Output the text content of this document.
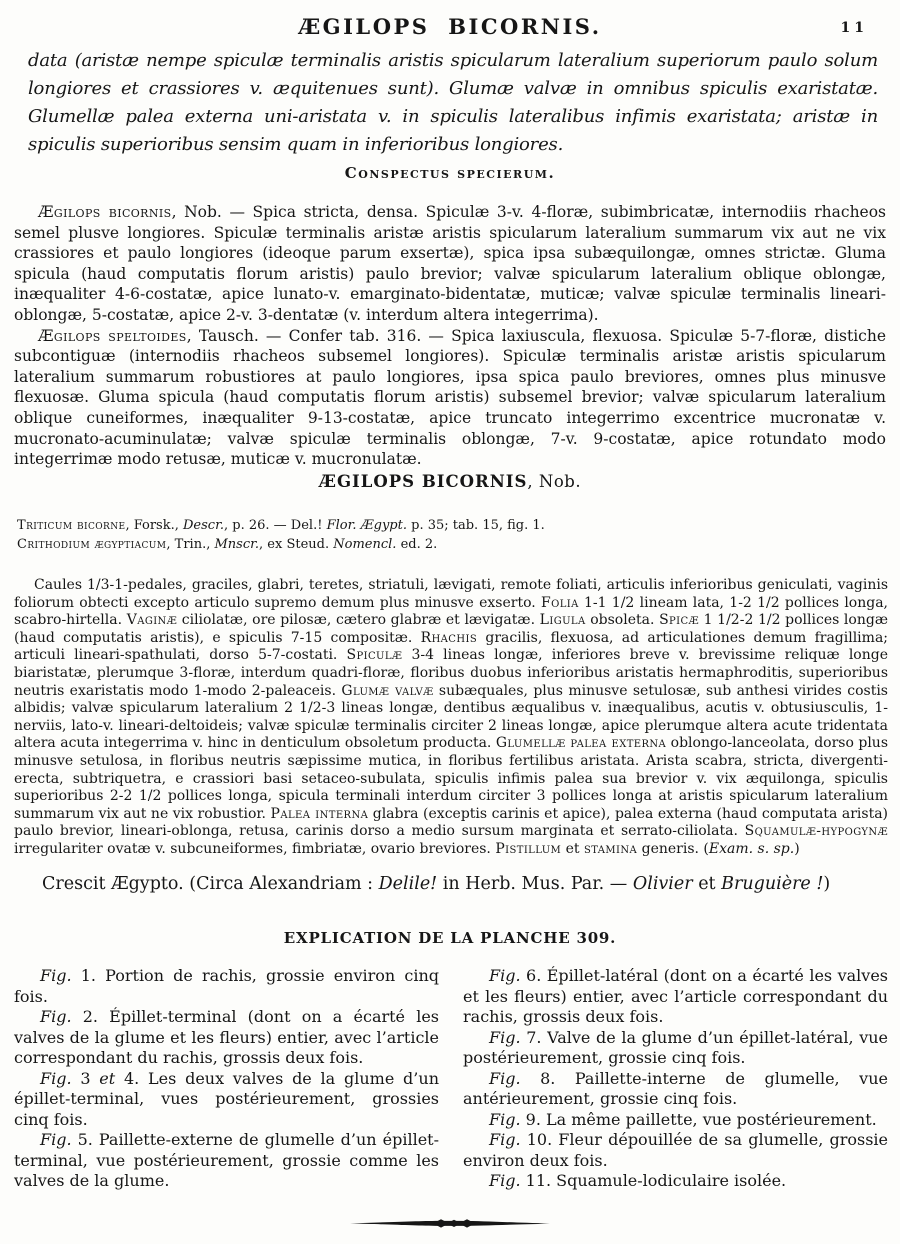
ÆGILOPS BICORNIS.	11

data (aristæ nempe spiculæ terminalis aristis spicularum lateralium superiorum paulo solum longiores et crassiores v. æquitenues sunt). Glumæ valvæ in omnibus spiculis exaristatæ. Glumellæ palea externa uni-aristata v. in spiculis lateralibus infimis exaristata; aristæ in spiculis superioribus sensim quam in inferioribus longiores.

Conspectus specierum.

Ægilops bicornis, Nob. — Spica stricta, densa. Spiculæ 3-v. 4-floræ, subimbricatæ, internodiis rhacheos semel plusve longiores. Spiculæ terminalis aristæ aristis spicularum lateralium summarum vix aut ne vix crassiores et paulo longiores (ideoque parum exsertæ), spica ipsa subæquilongæ, omnes strictæ. Gluma spicula (haud computatis florum aristis) paulo brevior; valvæ spicularum lateralium oblique oblongæ, inæqualiter 4-6-costatæ, apice lunato-v. emarginato-bidentatæ, muticæ; valvæ spiculæ terminalis lineari-oblongæ, 5-costatæ, apice 2-v. 3-dentatæ (v. interdum altera integerrima).

Ægilops speltoides, Tausch. — Confer tab. 316. — Spica laxiuscula, flexuosa. Spiculæ 5-7-floræ, distiche subcontiguæ (internodiis rhacheos subsemel longiores). Spiculæ terminalis aristæ aristis spicularum lateralium summarum robustiores at paulo longiores, ipsa spica paulo breviores, omnes plus minusve flexuosæ. Gluma spicula (haud computatis florum aristis) subsemel brevior; valvæ spicularum lateralium oblique cuneiformes, inæqualiter 9-13-costatæ, apice truncato integerrimo excentrice mucronatæ v. mucronato-acuminulatæ; valvæ spiculæ terminalis oblongæ, 7-v. 9-costatæ, apice rotundato modo integerrimæ modo retusæ, muticæ v. mucronulatæ.

ÆGILOPS BICORNIS, Nob.

Triticum bicorne, Forsk., Descr., p. 26. — Del.! Flor. Ægypt. p. 35; tab. 15, fig. 1.

Crithodium ægyptiacum, Trin., Mnscr., ex Steud. Nomencl. ed. 2.

Caules 1/3-1-pedales, graciles, glabri, teretes, striatuli, lævigati, remote foliati, articulis inferioribus geniculati, vaginis foliorum obtecti excepto articulo supremo demum plus minusve exserto. Folia 1-1 1/2 lineam lata, 1-2 1/2 pollices longa, scabro-hirtella. Vaginæ ciliolatæ, ore pilosæ, cætero glabræ et lævigatæ. Ligula obsoleta. Spicæ 1 1/2-2 1/2 pollices longæ (haud computatis aristis), e spiculis 7-15 compositæ. Rhachis gracilis, flexuosa, ad articulationes demum fragillima; articuli lineari-spathulati, dorso 5-7-costati. Spiculæ 3-4 lineas longæ, inferiores breve v. brevissime reliquæ longe biaristatæ, plerumque 3-floræ, interdum quadri-floræ, floribus duobus inferioribus aristatis hermaphroditis, superioribus neutris exaristatis modo 1-modo 2-paleaceis. Glumæ valvæ subæquales, plus minusve setulosæ, sub anthesi virides costis albidis; valvæ spicularum lateralium 2 1/2-3 lineas longæ, dentibus æqualibus v. inæqualibus, acutis v. obtusiusculis, 1-nerviis, lato-v. lineari-deltoideis; valvæ spiculæ terminalis circiter 2 lineas longæ, apice plerumque altera acute tridentata altera acuta integerrima v. hinc in denticulum obsoletum producta. Glumellæ palea externa oblongo-lanceolata, dorso plus minusve setulosa, in floribus neutris sæpissime mutica, in floribus fertilibus aristata. Arista scabra, stricta, divergenti-erecta, subtriquetra, e crassiori basi setaceo-subulata, spiculis infimis palea sua brevior v. vix æquilonga, spiculis superioribus 2-2 1/2 pollices longa, spicula terminali interdum circiter 3 pollices longa at aristis spicularum lateralium summarum vix aut ne vix robustior. Palea interna glabra (exceptis carinis et apice), palea externa (haud computata arista) paulo brevior, lineari-oblonga, retusa, carinis dorso a medio sursum marginata et serrato-ciliolata. Squamulæ-hypogynæ irregulariter ovatæ v. subcuneiformes, fimbriatæ, ovario breviores. Pistillum et stamina generis. (Exam. s. sp.)

Crescit Ægypto. (Circa Alexandriam : Delile! in Herb. Mus. Par. — Olivier et Bruguière !)

EXPLICATION DE LA PLANCHE 309.

Fig. 1. Portion de rachis, grossie environ cinq fois.

Fig. 2. Épillet-terminal (dont on a écarté les valves de la glume et les fleurs) entier, avec l’article correspondant du rachis, grossis deux fois.

Fig. 3 et 4. Les deux valves de la glume d’un épillet-terminal, vues postérieurement, grossies cinq fois.

Fig. 5. Paillette-externe de glumelle d’un épillet-terminal, vue postérieurement, grossie comme les valves de la glume.

Fig. 6. Épillet-latéral (dont on a écarté les valves et les fleurs) entier, avec l’article correspondant du rachis, grossis deux fois.

Fig. 7. Valve de la glume d’un épillet-latéral, vue postérieurement, grossie cinq fois.

Fig. 8. Paillette-interne de glumelle, vue antérieurement, grossie cinq fois.

Fig. 9. La même paillette, vue postérieurement.

Fig. 10. Fleur dépouillée de sa glumelle, grossie environ deux fois.

Fig. 11. Squamule-lodiculaire isolée.
